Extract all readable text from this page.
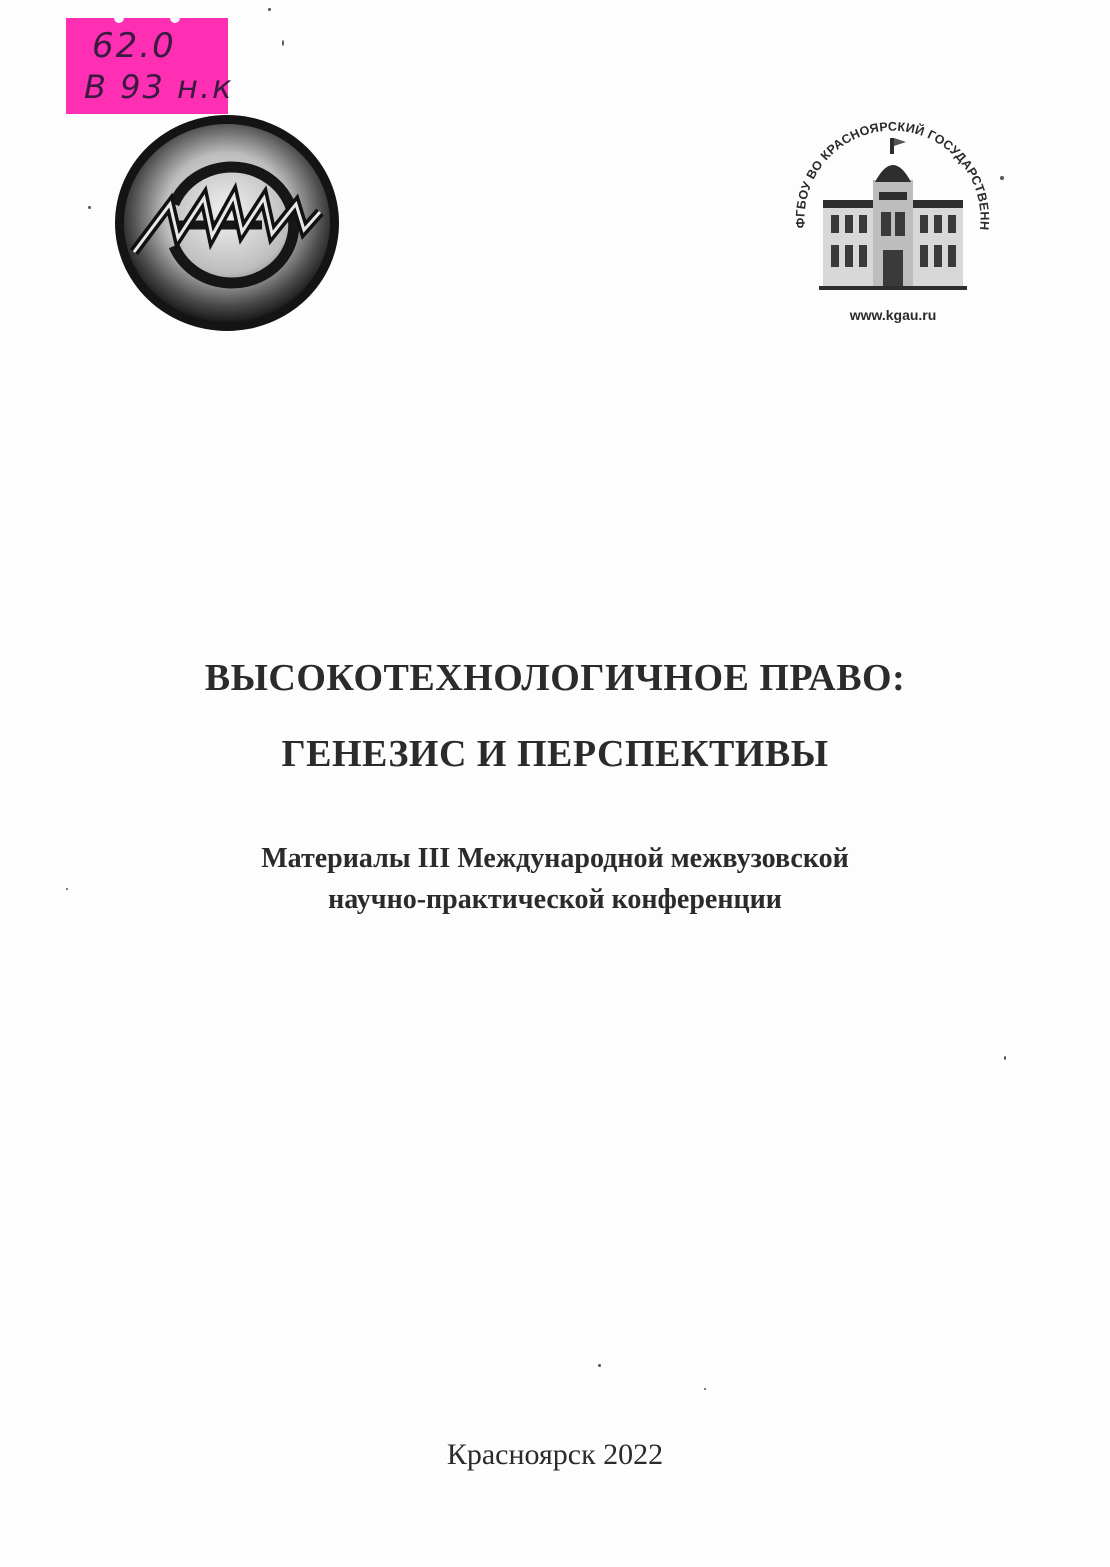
62.0
B 93 н.к
ФГБОУ ВО КРАСНОЯРСКИЙ ГОСУДАРСТВЕНН
www.kgau.ru
ВЫСОКОТЕХНОЛОГИЧНОЕ ПРАВО:
ГЕНЕЗИС И ПЕРСПЕКТИВЫ
Материалы III Международной межвузовской
научно-практической конференции
Красноярск 2022
